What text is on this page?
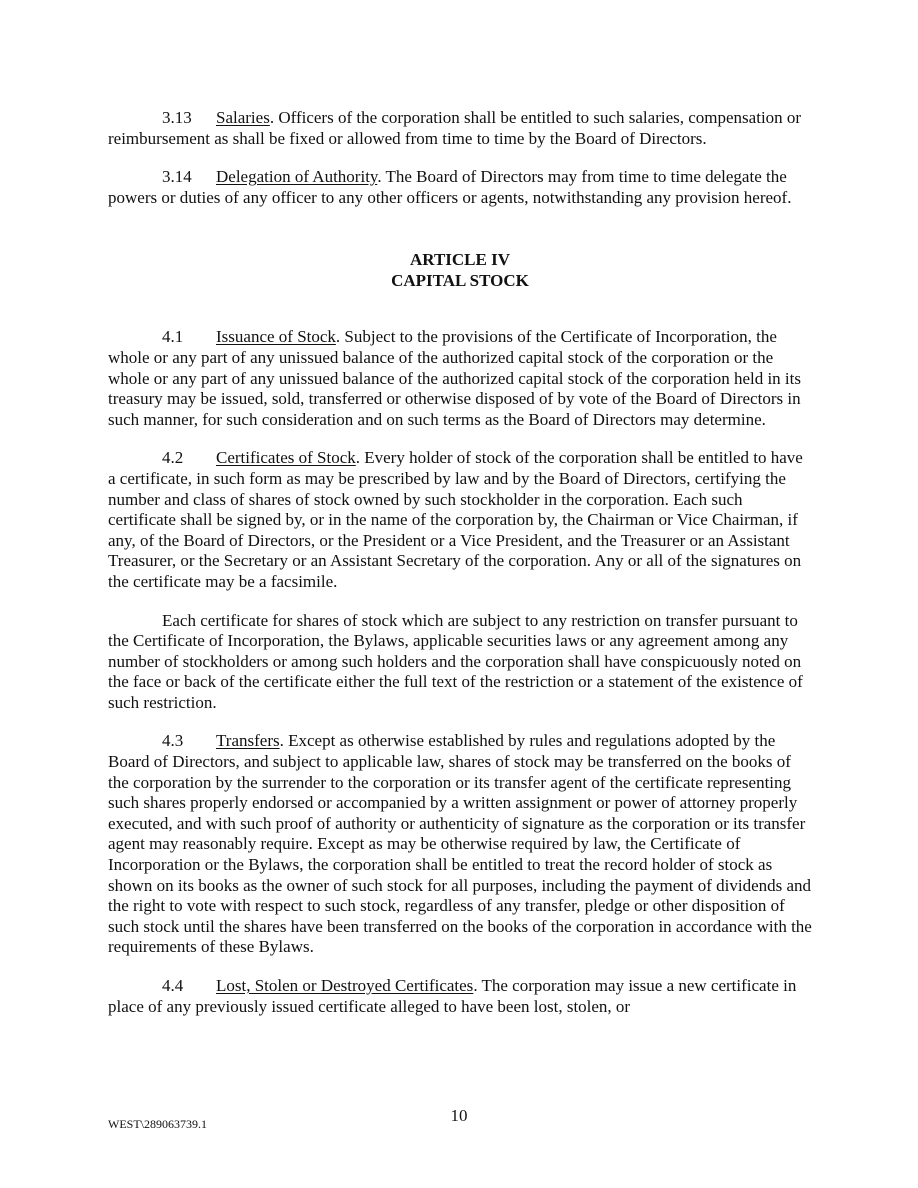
3.13 Salaries. Officers of the corporation shall be entitled to such salaries, compensation or reimbursement as shall be fixed or allowed from time to time by the Board of Directors.

3.14 Delegation of Authority. The Board of Directors may from time to time delegate the powers or duties of any officer to any other officers or agents, notwithstanding any provision hereof.

ARTICLE IV

CAPITAL STOCK

4.1 Issuance of Stock. Subject to the provisions of the Certificate of Incorporation, the whole or any part of any unissued balance of the authorized capital stock of the corporation or the whole or any part of any unissued balance of the authorized capital stock of the corporation held in its treasury may be issued, sold, transferred or otherwise disposed of by vote of the Board of Directors in such manner, for such consideration and on such terms as the Board of Directors may determine.

4.2 Certificates of Stock. Every holder of stock of the corporation shall be entitled to have a certificate, in such form as may be prescribed by law and by the Board of Directors, certifying the number and class of shares of stock owned by such stockholder in the corporation. Each such certificate shall be signed by, or in the name of the corporation by, the Chairman or Vice Chairman, if any, of the Board of Directors, or the President or a Vice President, and the Treasurer or an Assistant Treasurer, or the Secretary or an Assistant Secretary of the corporation. Any or all of the signatures on the certificate may be a facsimile.

Each certificate for shares of stock which are subject to any restriction on transfer pursuant to the Certificate of Incorporation, the Bylaws, applicable securities laws or any agreement among any number of stockholders or among such holders and the corporation shall have conspicuously noted on the face or back of the certificate either the full text of the restriction or a statement of the existence of such restriction.

4.3 Transfers. Except as otherwise established by rules and regulations adopted by the Board of Directors, and subject to applicable law, shares of stock may be transferred on the books of the corporation by the surrender to the corporation or its transfer agent of the certificate representing such shares properly endorsed or accompanied by a written assignment or power of attorney properly executed, and with such proof of authority or authenticity of signature as the corporation or its transfer agent may reasonably require. Except as may be otherwise required by law, the Certificate of Incorporation or the Bylaws, the corporation shall be entitled to treat the record holder of stock as shown on its books as the owner of such stock for all purposes, including the payment of dividends and the right to vote with respect to such stock, regardless of any transfer, pledge or other disposition of such stock until the shares have been transferred on the books of the corporation in accordance with the requirements of these Bylaws.

4.4 Lost, Stolen or Destroyed Certificates. The corporation may issue a new certificate in place of any previously issued certificate alleged to have been lost, stolen, or

10
WEST\289063739.1
